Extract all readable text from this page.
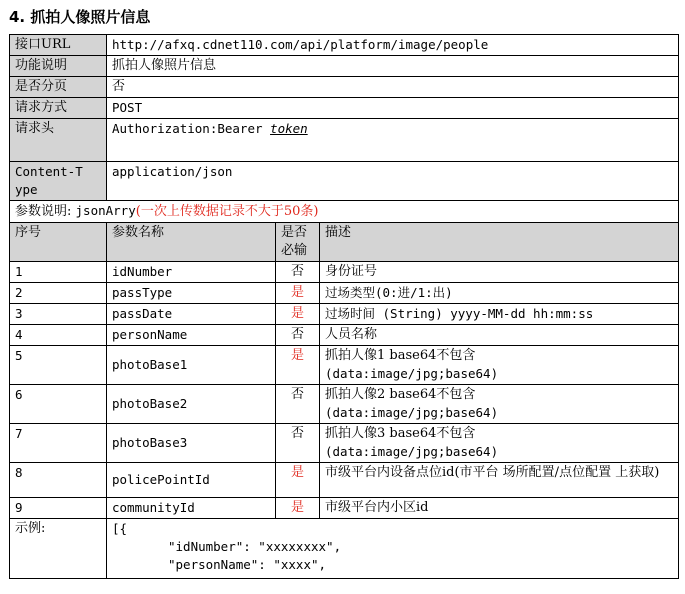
4. 抓拍人像照片信息
接口URL	http://afxq.cdnet110.com/api/platform/image/people		
功能说明	抓拍人像照片信息		
是否分页	否		
请求方式	POST		
请求头	Authorization:Bearer token		
Content-Type	application/json		
参数说明: jsonArry(一次上传数据记录不大于50条)			
序号	参数名称	是否必输	描述
1	idNumber	否	身份证号
2	passType	是	过场类型(0:进/1:出)
3	passDate	是	过场时间 (String) yyyy-MM-dd hh:mm:ss
4	personName	否	人员名称
5	photoBase1	是	抓拍人像1 base64不包含
(data:image/jpg;base64)

6	photoBase2	否	抓拍人像2 base64不包含
(data:image/jpg;base64)

7	photoBase3	否	抓拍人像3 base64不包含
(data:image/jpg;base64)

8	policePointId	是	市级平台内设备点位id(市平台 场所配置/点位配置 上获取)
9	communityId	是	市级平台内小区id
示例:	[{
"idNumber": "xxxxxxxx",
"personName": "xxxx",		
